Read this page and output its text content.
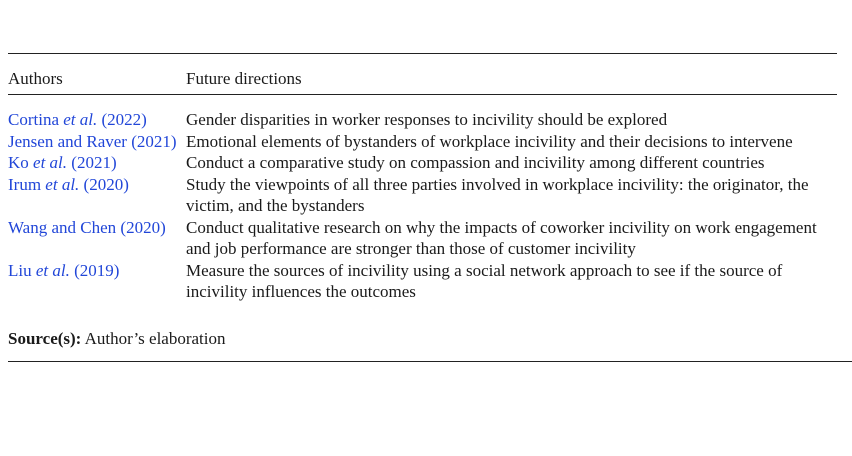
Authors	Future directions
Cortina et al. (2022)	Gender disparities in worker responses to incivility should be explored
Jensen and Raver (2021) Emotional elements of bystanders of workplace incivility and their decisions to intervene
Ko et al. (2021)	Conduct a comparative study on compassion and incivility among different countries
Irum et al. (2020)	Study the viewpoints of all three parties involved in workplace incivility: the originator, the victim, and the bystanders
Wang and Chen (2020)	Conduct qualitative research on why the impacts of coworker incivility on work engagement and job performance are stronger than those of customer incivility
Liu et al. (2019)	Measure the sources of incivility using a social network approach to see if the source of incivility influences the outcomes
Source(s): Author’s elaboration
